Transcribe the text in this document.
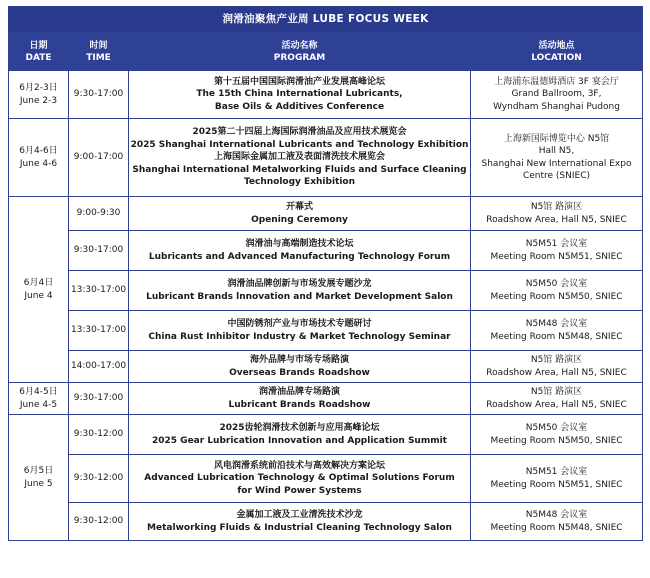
润滑油聚焦产业周 LUBE FOCUS WEEK			

日期
DATE	时间
TIME	活动名称
PROGRAM	活动地点
LOCATION

6月2-3日
June 2-3	9:30-17:00	第十五届中国国际润滑油产业发展高峰论坛
The 15th China International Lubricants,
Base Oils & Additives Conference	上海浦东温德姆酒店 3F 宴会厅
Grand Ballroom, 3F,
Wyndham Shanghai Pudong

6月4-6日
June 4-6	9:00-17:00	2025第二十四届上海国际润滑油品及应用技术展览会
2025 Shanghai International Lubricants and Technology Exhibition
上海国际金属加工液及表面清洗技术展览会
Shanghai International Metalworking Fluids and Surface Cleaning
Technology Exhibition	上海新国际博览中心 N5馆
Hall N5,
Shanghai New International Expo
Centre (SNIEC)

6月4日
June 4	9:00-9:30	开幕式
Opening Ceremony	N5馆 路演区
Roadshow Area, Hall N5, SNIEC

	9:30-17:00	润滑油与高端制造技术论坛
Lubricants and Advanced Manufacturing Technology Forum	N5M51 会议室
Meeting Room N5M51, SNIEC

	13:30-17:00	润滑油品牌创新与市场发展专题沙龙
Lubricant Brands lnnovation and Market Development Salon	N5M50 会议室
Meeting Room N5M50, SNIEC

	13:30-17:00	中国防锈剂产业与市场技术专题研讨
China Rust Inhibitor Industry & Market Technology Seminar	N5M48 会议室
Meeting Room N5M48, SNIEC

	14:00-17:00	海外品牌与市场专场路演
Overseas Brands Roadshow	N5馆 路演区
Roadshow Area, Hall N5, SNIEC

6月4-5日
June 4-5	9:30-17:00	润滑油品牌专场路演
Lubricant Brands Roadshow	N5馆 路演区
Roadshow Area, Hall N5, SNIEC

6月5日
June 5	9:30-12:00	2025齿轮润滑技术创新与应用高峰论坛
2025 Gear Lubrication Innovation and Application Summit	N5M50 会议室
Meeting Room N5M50, SNIEC

	9:30-12:00	风电润滑系统前沿技术与高效解决方案论坛
Advanced Lubrication Technology & Optimal Solutions Forum
for Wind Power Systems	N5M51 会议室
Meeting Room N5M51, SNIEC

	9:30-12:00	金属加工液及工业清洗技术沙龙
Metalworking Fluids & Industrial Cleaning Technology Salon	N5M48 会议室
Meeting Room N5M48, SNIEC
